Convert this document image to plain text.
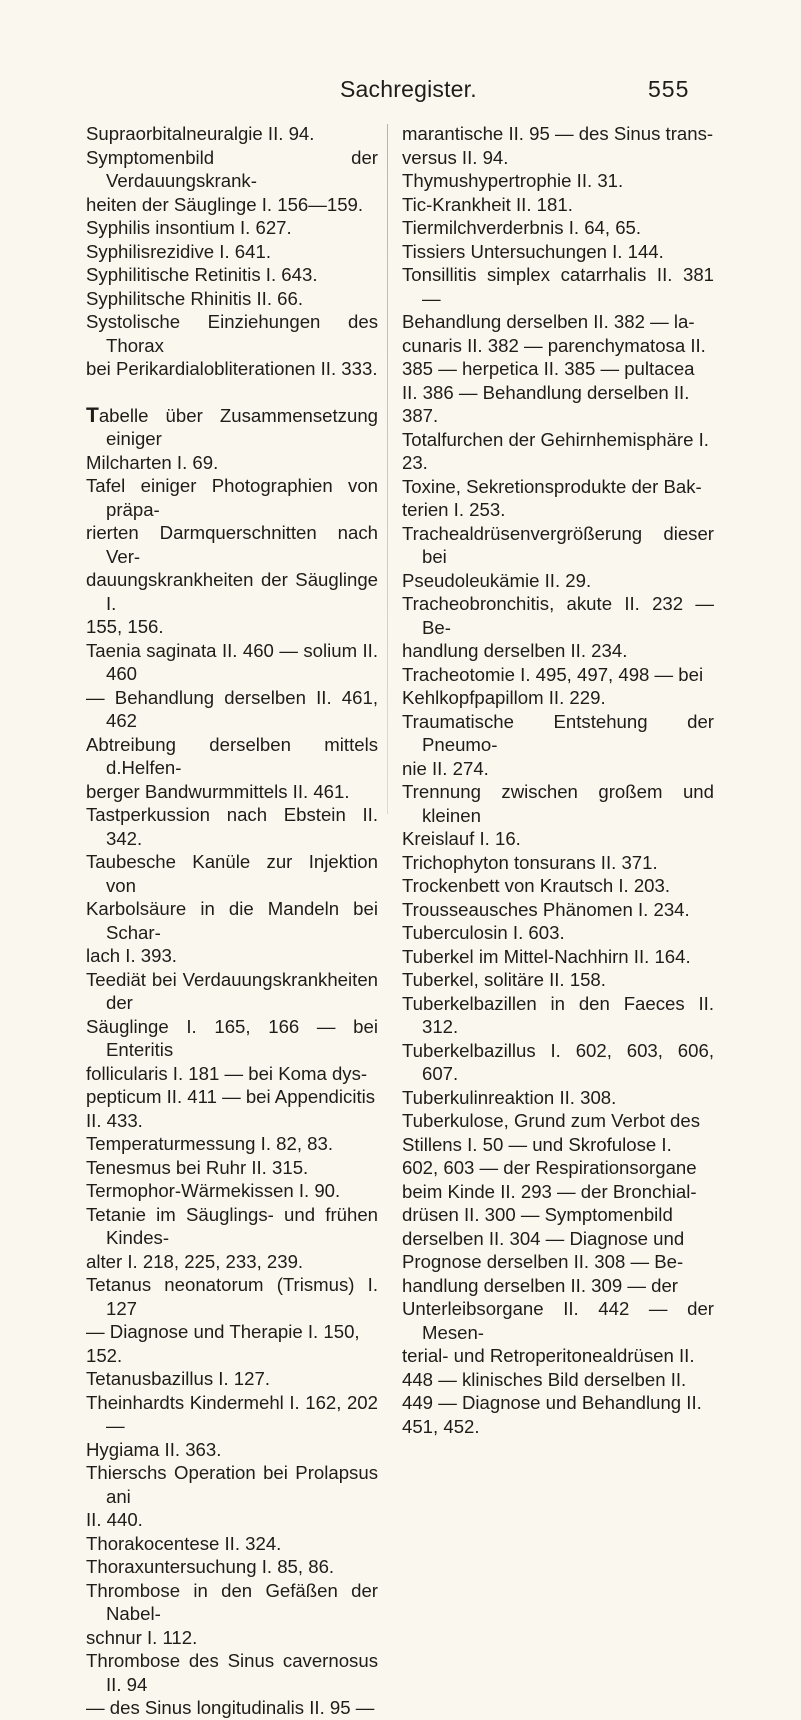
Sachregister.	555
Supraorbitalneuralgie II. 94.
Symptomenbild der Verdauungskrank-
heiten der Säuglinge I. 156—159.
Syphilis insontium I. 627.
Syphilisrezidive I. 641.
Syphilitische Retinitis I. 643.
Syphilitsche Rhinitis II. 66.
Systolische Einziehungen des Thorax
bei Perikardialobliterationen II. 333.
Tabelle über Zusammensetzung einiger
Milcharten I. 69.
Tafel einiger Photographien von präpa-
rierten Darmquerschnitten nach Ver-
dauungskrankheiten der Säuglinge I.
155, 156.
Taenia saginata II. 460 — solium II. 460
— Behandlung derselben II. 461, 462
Abtreibung derselben mittels d.Helfen-
berger Bandwurmmittels II. 461.
Tastperkussion nach Ebstein II. 342.
Taubesche Kanüle zur Injektion von
Karbolsäure in die Mandeln bei Schar-
lach I. 393.
Teediät bei Verdauungskrankheiten der
Säuglinge I. 165, 166 — bei Enteritis
follicularis I. 181 — bei Koma dys-
pepticum II. 411 — bei Appendicitis
II. 433.
Temperaturmessung I. 82, 83.
Tenesmus bei Ruhr II. 315.
Termophor-Wärmekissen I. 90.
Tetanie im Säuglings- und frühen Kindes-
alter I. 218, 225, 233, 239.
Tetanus neonatorum (Trismus) I. 127
— Diagnose und Therapie I. 150,
152.
Tetanusbazillus I. 127.
Theinhardts Kindermehl I. 162, 202 —
Hygiama II. 363.
Thierschs Operation bei Prolapsus ani
II. 440.
Thorakocentese II. 324.
Thoraxuntersuchung I. 85, 86.
Thrombose in den Gefäßen der Nabel-
schnur I. 112.
Thrombose des Sinus cavernosus II. 94
— des Sinus longitudinalis II. 95 —
marantische II. 95 — des Sinus trans-
versus II. 94.
Thymushypertrophie II. 31.
Tic-Krankheit II. 181.
Tiermilchverderbnis I. 64, 65.
Tissiers Untersuchungen I. 144.
Tonsillitis simplex catarrhalis II. 381 —
Behandlung derselben II. 382 — la-
cunaris II. 382 — parenchymatosa II.
385 — herpetica II. 385 — pultacea
II. 386 — Behandlung derselben II.
387.
Totalfurchen der Gehirnhemisphäre I.
23.
Toxine, Sekretionsprodukte der Bak-
terien I. 253.
Trachealdrüsenvergrößerung dieser bei
Pseudoleukämie II. 29.
Tracheobronchitis, akute II. 232 — Be-
handlung derselben II. 234.
Tracheotomie I. 495, 497, 498 — bei
Kehlkopfpapillom II. 229.
Traumatische Entstehung der Pneumo-
nie II. 274.
Trennung zwischen großem und kleinen
Kreislauf I. 16.
Trichophyton tonsurans II. 371.
Trockenbett von Krautsch I. 203.
Trousseausches Phänomen I. 234.
Tuberculosin I. 603.
Tuberkel im Mittel-Nachhirn II. 164.
Tuberkel, solitäre II. 158.
Tuberkelbazillen in den Faeces II. 312.
Tuberkelbazillus I. 602, 603, 606, 607.
Tuberkulinreaktion II. 308.
Tuberkulose, Grund zum Verbot des
Stillens I. 50 — und Skrofulose I.
602, 603 — der Respirationsorgane
beim Kinde II. 293 — der Bronchial-
drüsen II. 300 — Symptomenbild
derselben II. 304 — Diagnose und
Prognose derselben II. 308 — Be-
handlung derselben II. 309 — der
Unterleibsorgane II. 442 — der Mesen-
terial- und Retroperitonealdrüsen II.
448 — klinisches Bild derselben II.
449 — Diagnose und Behandlung II.
451, 452.
